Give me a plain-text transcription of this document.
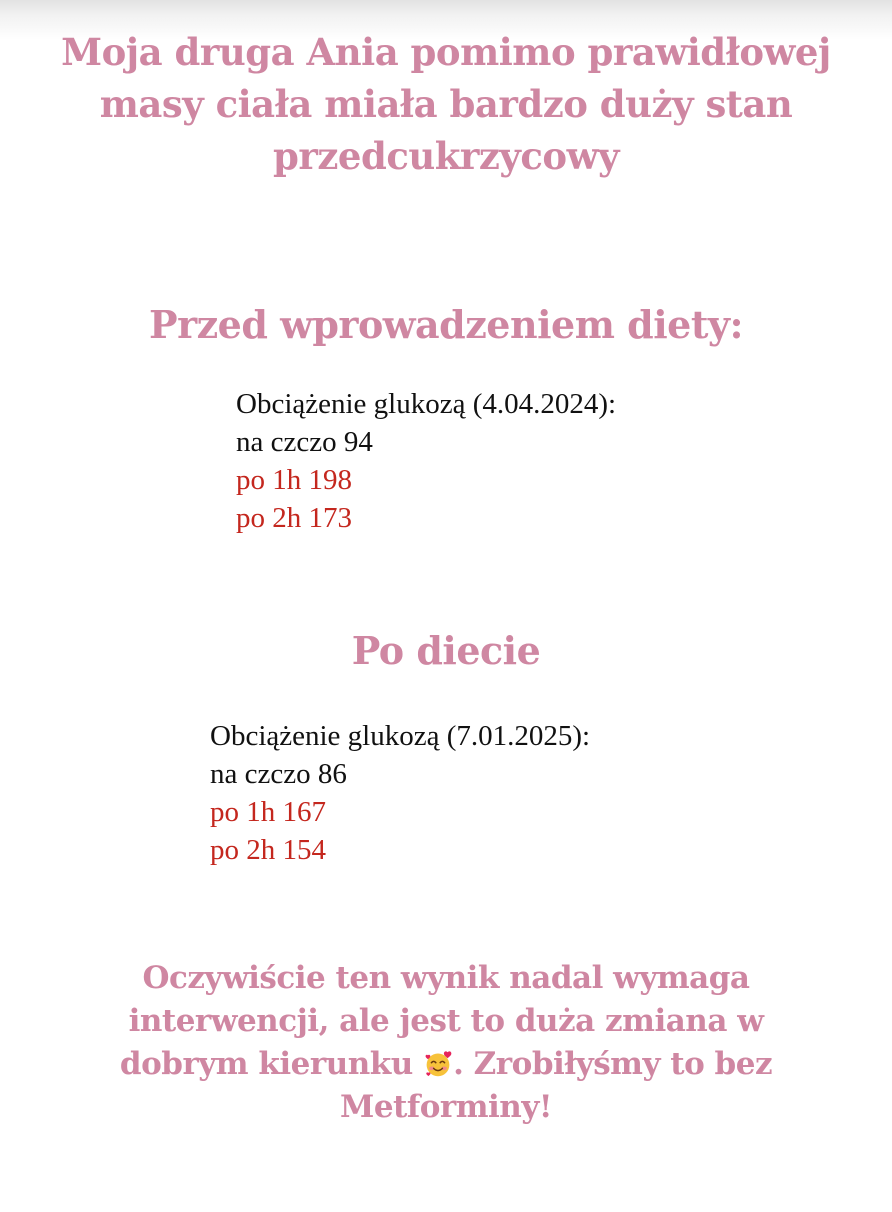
Moja druga Ania pomimo prawidłowej masy ciała miała bardzo duży stan przedcukrzycowy
Przed wprowadzeniem diety:
Obciążenie glukozą (4.04.2024):
na czczo 94
po 1h 198
po 2h 173
Po diecie
Obciążenie glukozą (7.01.2025):
na czczo 86
po 1h 167
po 2h 154
Oczywiście ten wynik nadal wymaga interwencji, ale jest to duża zmiana w dobrym kierunku . Zrobiłyśmy to bez Metforminy!
